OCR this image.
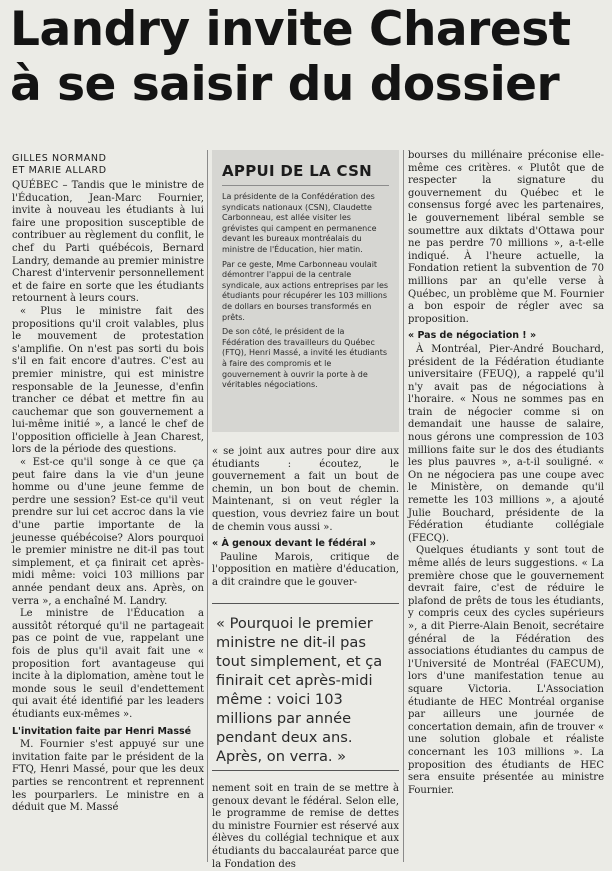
Landry invite Charest
à se saisir du dossier
GILLES NORMAND
ET MARIE ALLARD

QUÉBEC – Tandis que le ministre de l'Éducation, Jean-Marc Fournier, invite à nouveau les étudiants à lui faire une proposition susceptible de contribuer au règlement du conflit, le chef du Parti québécois, Bernard Landry, demande au premier ministre Charest d'intervenir personnellement et de faire en sorte que les étudiants retournent à leurs cours.

« Plus le ministre fait des propositions qu'il croit valables, plus le mouvement de protestation s'amplifie. On n'est pas sorti du bois s'il en fait encore d'autres. C'est au premier ministre, qui est ministre responsable de la Jeunesse, d'enfin trancher ce débat et mettre fin au cauchemar que son gouvernement a lui-même initié », a lancé le chef de l'opposition officielle à Jean Charest, lors de la période des questions.

« Est-ce qu'il songe à ce que ça peut faire dans la vie d'un jeune homme ou d'une jeune femme de perdre une session? Est-ce qu'il veut prendre sur lui cet accroc dans la vie d'une partie importante de la jeunesse québécoise? Alors pourquoi le premier ministre ne dit-il pas tout simplement, et ça finirait cet après-midi même: voici 103 millions par année pendant deux ans. Après, on verra », a enchaîné M. Landry.

Le ministre de l'Éducation a aussitôt rétorqué qu'il ne partageait pas ce point de vue, rappelant une fois de plus qu'il avait fait une « proposition fort avantageuse qui incite à la diplomation, amène tout le monde sous le seuil d'endettement qui avait été identifié par les leaders étudiants eux-mêmes ».

L'invitation faite par Henri Massé

M. Fournier s'est appuyé sur une invitation faite par le président de la FTQ, Henri Massé, pour que les deux parties se rencontrent et reprennent les pourparlers. Le ministre en a déduit que M. Massé

APPUI DE LA CSN

La présidente de la Confédération des syndicats nationaux (CSN), Claudette Carbonneau, est allée visiter les grévistes qui campent en permanence devant les bureaux montréalais du ministre de l'Éducation, hier matin.

Par ce geste, Mme Carbonneau voulait démontrer l'appui de la centrale syndicale, aux actions entreprises par les étudiants pour récupérer les 103 millions de dollars en bourses transformés en prêts.

De son côté, le président de la Fédération des travailleurs du Québec (FTQ), Henri Massé, a invité les étudiants à faire des compromis et le gouvernement à ouvrir la porte à de véritables négociations.

« se joint aux autres pour dire aux étudiants : écoutez, le gouvernement a fait un bout de chemin, un bon bout de chemin. Maintenant, si on veut régler la question, vous devriez faire un bout de chemin vous aussi ».

« À genoux devant le fédéral »

Pauline Marois, critique de l'opposition en matière d'éducation, a dit craindre que le gouver-

« Pourquoi le premier ministre ne dit-il pas tout simplement, et ça finirait cet après-midi même : voici 103 millions par année pendant deux ans. Après, on verra. »

nement soit en train de se mettre à genoux devant le fédéral. Selon elle, le programme de remise de dettes du ministre Fournier est réservé aux élèves du collégial technique et aux étudiants du baccalauréat parce que la Fondation des

bourses du millénaire préconise elle-même ces critères. « Plutôt que de respecter la signature du gouvernement du Québec et le consensus forgé avec les partenaires, le gouvernement libéral semble se soumettre aux diktats d'Ottawa pour ne pas perdre 70 millions », a-t-elle indiqué. À l'heure actuelle, la Fondation retient la subvention de 70 millions par an qu'elle verse à Québec, un problème que M. Fournier a bon espoir de régler avec sa proposition.

« Pas de négociation ! »

À Montréal, Pier-André Bouchard, président de la Fédération étudiante universitaire (FEUQ), a rappelé qu'il n'y avait pas de négociations à l'horaire. « Nous ne sommes pas en train de négocier comme si on demandait une hausse de salaire, nous gérons une compression de 103 millions faite sur le dos des étudiants les plus pauvres », a-t-il souligné. « On ne négociera pas une coupe avec le Ministère, on demande qu'il remette les 103 millions », a ajouté Julie Bouchard, présidente de la Fédération étudiante collégiale (FECQ).

Quelques étudiants y sont tout de même allés de leurs suggestions. « La première chose que le gouvernement devrait faire, c'est de réduire le plafond de prêts de tous les étudiants, y compris ceux des cycles supérieurs », a dit Pierre-Alain Benoit, secrétaire général de la Fédération des associations étudiantes du campus de l'Université de Montréal (FAECUM), lors d'une manifestation tenue au square Victoria. L'Association étudiante de HEC Montréal organise par ailleurs une journée de concertation demain, afin de trouver « une solution globale et réaliste concernant les 103 millions ». La proposition des étudiants de HEC sera ensuite présentée au ministre Fournier.
